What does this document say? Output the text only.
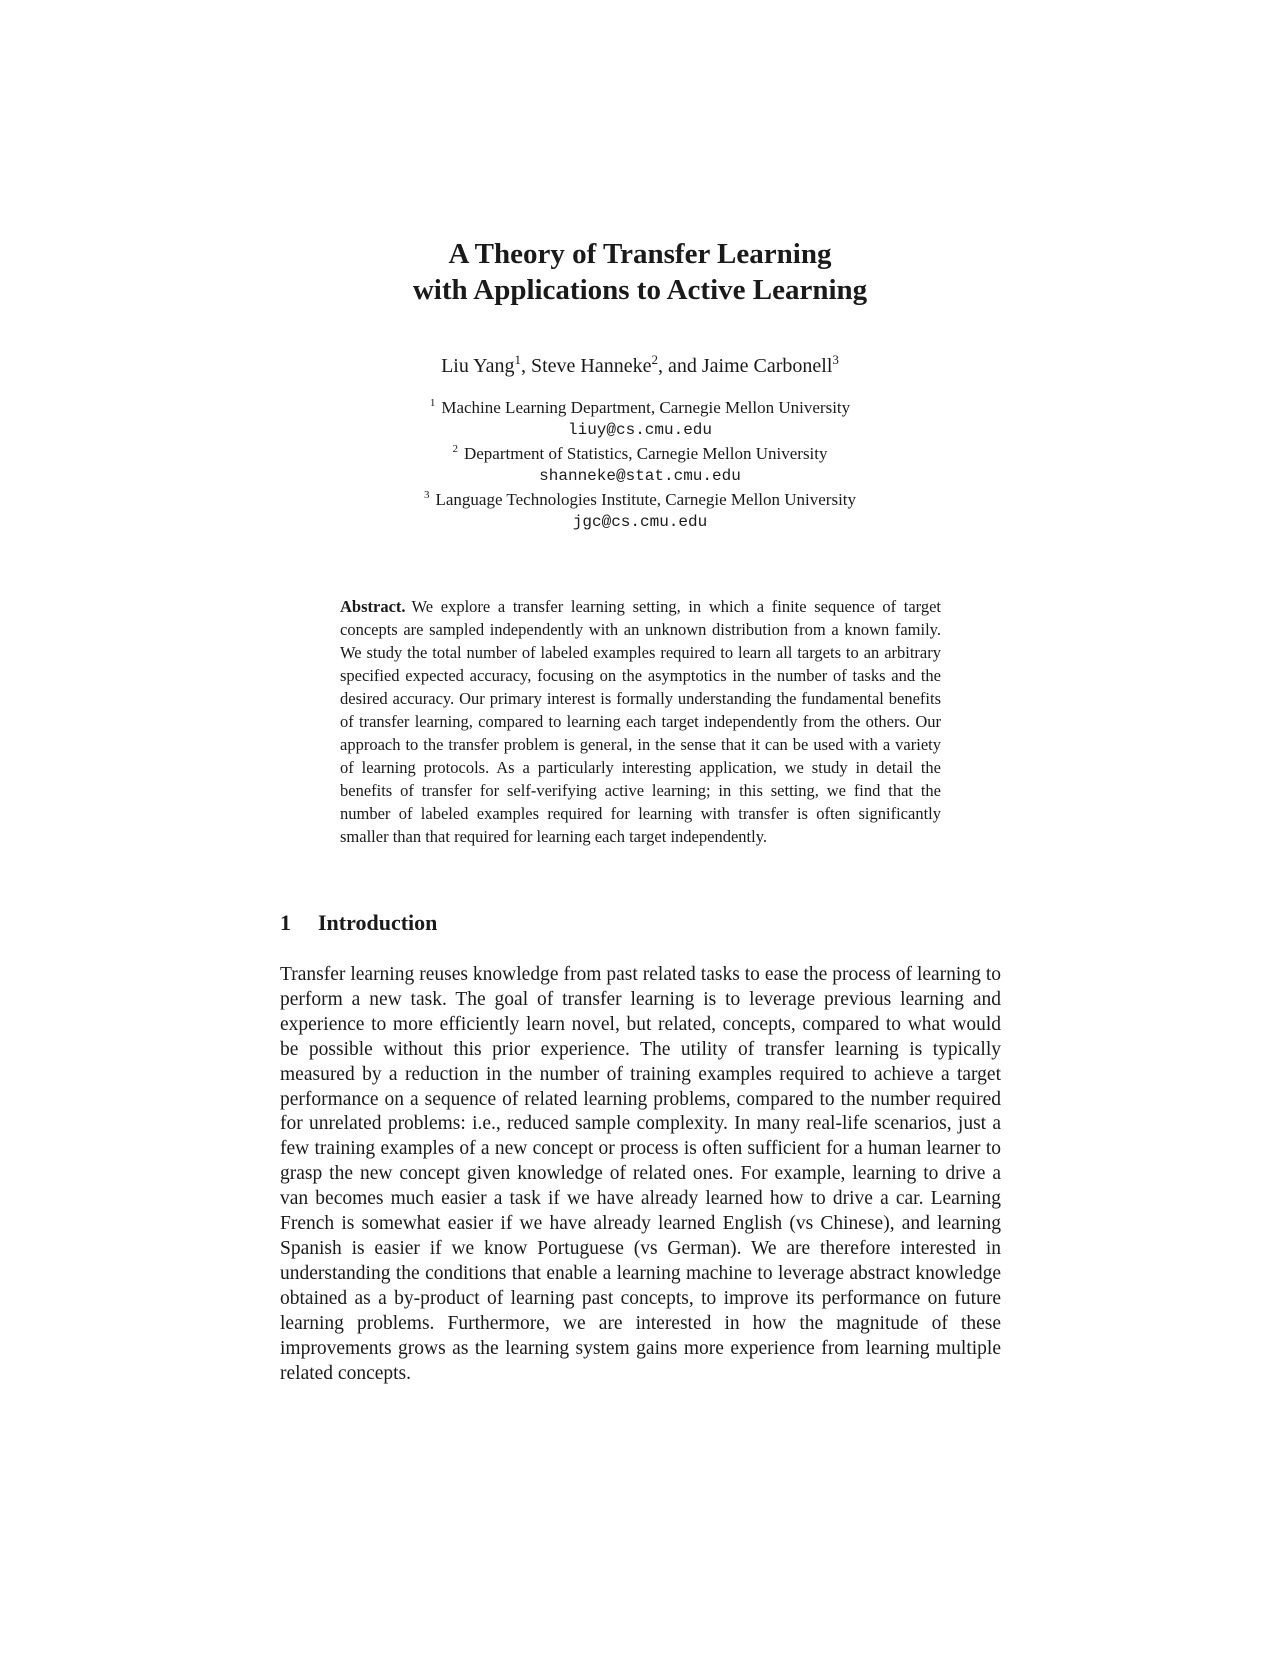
A Theory of Transfer Learning
with Applications to Active Learning
Liu Yang$^1$, Steve Hanneke$^2$, and Jaime Carbonell$^3$
$^1$ Machine Learning Department, Carnegie Mellon University
liuy@cs.cmu.edu
$^2$ Department of Statistics, Carnegie Mellon University
shanneke@stat.cmu.edu
$^3$ Language Technologies Institute, Carnegie Mellon University
jgc@cs.cmu.edu
Abstract. We explore a transfer learning setting, in which a finite sequence of target concepts are sampled independently with an unknown distribution from a known family. We study the total number of labeled examples required to learn all targets to an arbitrary specified expected accuracy, focusing on the asymptotics in the number of tasks and the desired accuracy. Our primary interest is formally understanding the fundamental benefits of transfer learning, compared to learning each target independently from the others. Our approach to the transfer problem is general, in the sense that it can be used with a variety of learning protocols. As a particularly interesting application, we study in detail the benefits of transfer for self-verifying active learning; in this setting, we find that the number of labeled examples required for learning with transfer is often significantly smaller than that required for learning each target independently.
1 Introduction
Transfer learning reuses knowledge from past related tasks to ease the process of learning to perform a new task. The goal of transfer learning is to leverage previous learning and experience to more efficiently learn novel, but related, concepts, compared to what would be possible without this prior experience. The utility of transfer learning is typically measured by a reduction in the number of training examples required to achieve a target performance on a sequence of related learning problems, compared to the number required for unrelated problems: i.e., reduced sample complexity. In many real-life scenarios, just a few training examples of a new concept or process is often sufficient for a human learner to grasp the new concept given knowledge of related ones. For example, learning to drive a van becomes much easier a task if we have already learned how to drive a car. Learning French is somewhat easier if we have already learned English (vs Chinese), and learning Spanish is easier if we know Portuguese (vs German). We are therefore interested in understanding the conditions that enable a learning machine to leverage abstract knowledge obtained as a by-product of learning past concepts, to improve its performance on future learning problems. Furthermore, we are interested in how the magnitude of these improvements grows as the learning system gains more experience from learning multiple related concepts.
